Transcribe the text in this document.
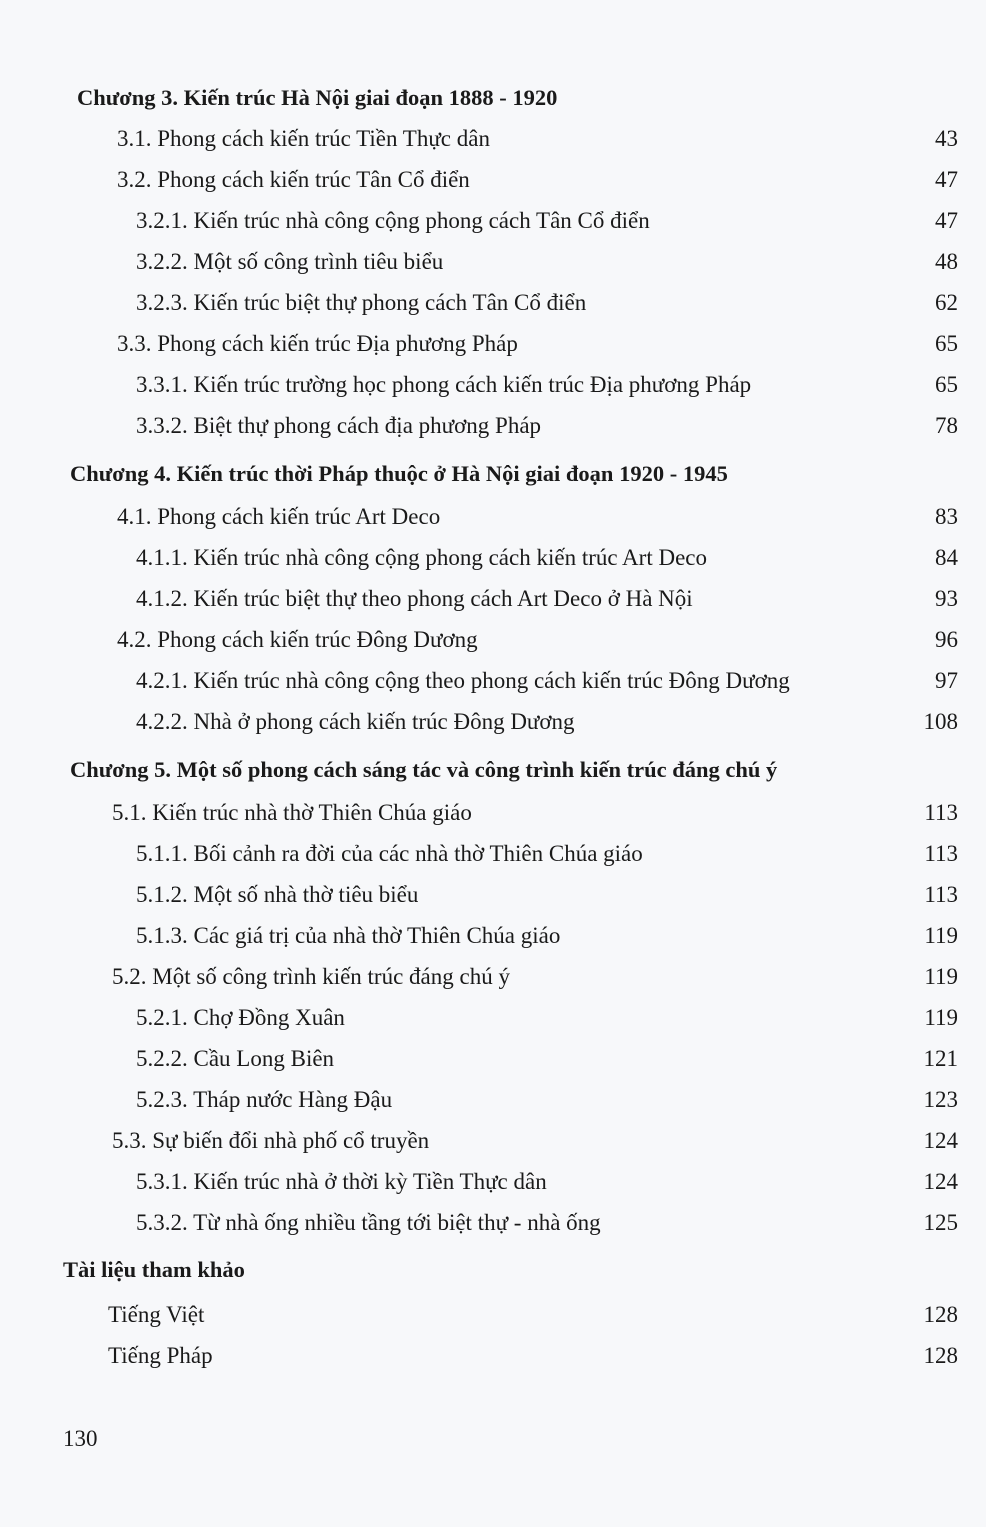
Chương 3. Kiến trúc Hà Nội giai đoạn 1888 - 1920
3.1. Phong cách kiến trúc Tiền Thực dân	43
3.2. Phong cách kiến trúc Tân Cổ điển	47
3.2.1. Kiến trúc nhà công cộng phong cách Tân Cổ điển	47
3.2.2. Một số công trình tiêu biểu	48
3.2.3. Kiến trúc biệt thự phong cách Tân Cổ điển	62
3.3. Phong cách kiến trúc Địa phương Pháp	65
3.3.1. Kiến trúc trường học phong cách kiến trúc Địa phương Pháp	65
3.3.2. Biệt thự phong cách địa phương Pháp	78
Chương 4. Kiến trúc thời Pháp thuộc ở Hà Nội giai đoạn 1920 - 1945
4.1. Phong cách kiến trúc Art Deco	83
4.1.1. Kiến trúc nhà công cộng phong cách kiến trúc Art Deco	84
4.1.2. Kiến trúc biệt thự theo phong cách Art Deco ở Hà Nội	93
4.2. Phong cách kiến trúc Đông Dương	96
4.2.1. Kiến trúc nhà công cộng theo phong cách kiến trúc Đông Dương	97
4.2.2. Nhà ở phong cách kiến trúc Đông Dương	108
Chương 5. Một số phong cách sáng tác và công trình kiến trúc đáng chú ý
5.1. Kiến trúc nhà thờ Thiên Chúa giáo	113
5.1.1. Bối cảnh ra đời của các nhà thờ Thiên Chúa giáo	113
5.1.2. Một số nhà thờ tiêu biểu	113
5.1.3. Các giá trị của nhà thờ Thiên Chúa giáo	119
5.2. Một số công trình kiến trúc đáng chú ý	119
5.2.1. Chợ Đồng Xuân	119
5.2.2. Cầu Long Biên	121
5.2.3. Tháp nước Hàng Đậu	123
5.3. Sự biến đổi nhà phố cổ truyền	124
5.3.1. Kiến trúc nhà ở thời kỳ Tiền Thực dân	124
5.3.2. Từ nhà ống nhiều tầng tới biệt thự - nhà ống	125
Tài liệu tham khảo
Tiếng Việt	128
Tiếng Pháp	128
130
